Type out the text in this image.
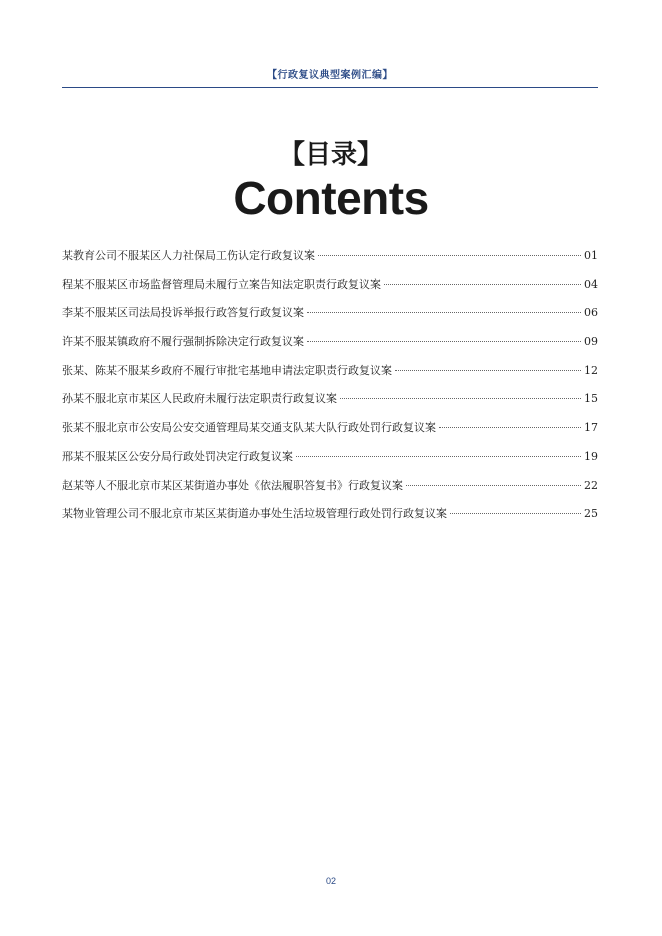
【行政复议典型案例汇编】
【目录】
Contents
某教育公司不服某区人力社保局工伤认定行政复议案	01
程某不服某区市场监督管理局未履行立案告知法定职责行政复议案	04
李某不服某区司法局投诉举报行政答复行政复议案	06
许某不服某镇政府不履行强制拆除决定行政复议案	09
张某、陈某不服某乡政府不履行审批宅基地申请法定职责行政复议案	12
孙某不服北京市某区人民政府未履行法定职责行政复议案	15
张某不服北京市公安局公安交通管理局某交通支队某大队行政处罚行政复议案	17
邢某不服某区公安分局行政处罚决定行政复议案	19
赵某等人不服北京市某区某街道办事处《依法履职答复书》行政复议案	22
某物业管理公司不服北京市某区某街道办事处生活垃圾管理行政处罚行政复议案	25
02
